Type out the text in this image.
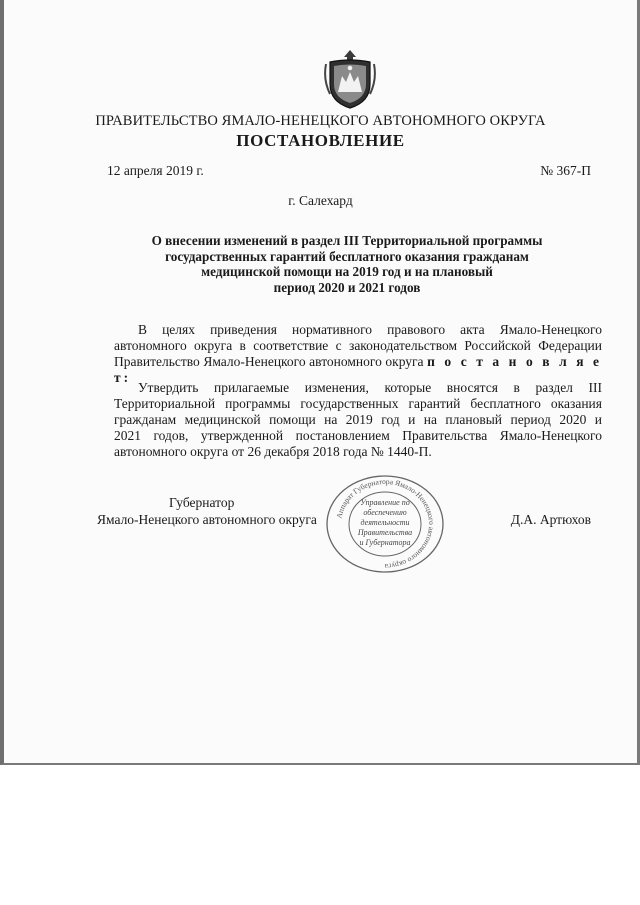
ПРАВИТЕЛЬСТВО ЯМАЛО-НЕНЕЦКОГО АВТОНОМНОГО ОКРУГА
ПОСТАНОВЛЕНИЕ
12 апреля 2019 г.	№ 367-П
г. Салехард
О внесении изменений в раздел III Территориальной программы
государственных гарантий бесплатного оказания гражданам
медицинской помощи на 2019 год и на плановый
период 2020 и 2021 годов
В целях приведения нормативного правового акта Ямало-Ненецкого
автономного округа в соответствие с законодательством Российской Федерации
Правительство Ямало-Ненецкого автономного округа п о с т а н о в л я е т:
Утвердить прилагаемые изменения, которые вносятся в раздел III
Территориальной программы государственных гарантий бесплатного оказания
гражданам медицинской помощи на 2019 год и на плановый период 2020 и
2021 годов, утвержденной постановлением Правительства Ямало-Ненецкого
автономного округа от 26 декабря 2018 года № 1440-П.
Губернатор
Ямало-Ненецкого автономного округа	Д.А. Артюхов
Аппарат Губернатора Ямало-Ненецкого автономного округа
Управление по
обеспечению
деятельности
Правительства
и Губернатора
